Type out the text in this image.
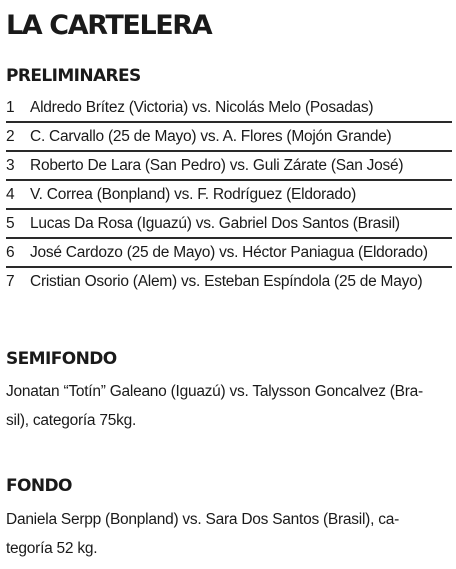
LA CARTELERA
PRELIMINARES
1	Aldredo Brítez (Victoria) vs. Nicolás Melo (Posadas)
2	C. Carvallo (25 de Mayo) vs. A. Flores (Mojón Grande)
3	Roberto De Lara (San Pedro) vs. Guli Zárate (San José)
4	V. Correa (Bonpland) vs. F. Rodríguez (Eldorado)
5	Lucas Da Rosa (Iguazú) vs. Gabriel Dos Santos (Brasil)
6	José Cardozo (25 de Mayo) vs. Héctor Paniagua (Eldorado)
7	Cristian Osorio (Alem) vs. Esteban Espíndola (25 de Mayo)
SEMIFONDO

Jonatan “Totín” Galeano (Iguazú) vs. Talysson Goncalvez (Bra-
sil), categoría 75kg.

FONDO

Daniela Serpp (Bonpland) vs. Sara Dos Santos (Brasil), ca-
tegoría 52 kg.
